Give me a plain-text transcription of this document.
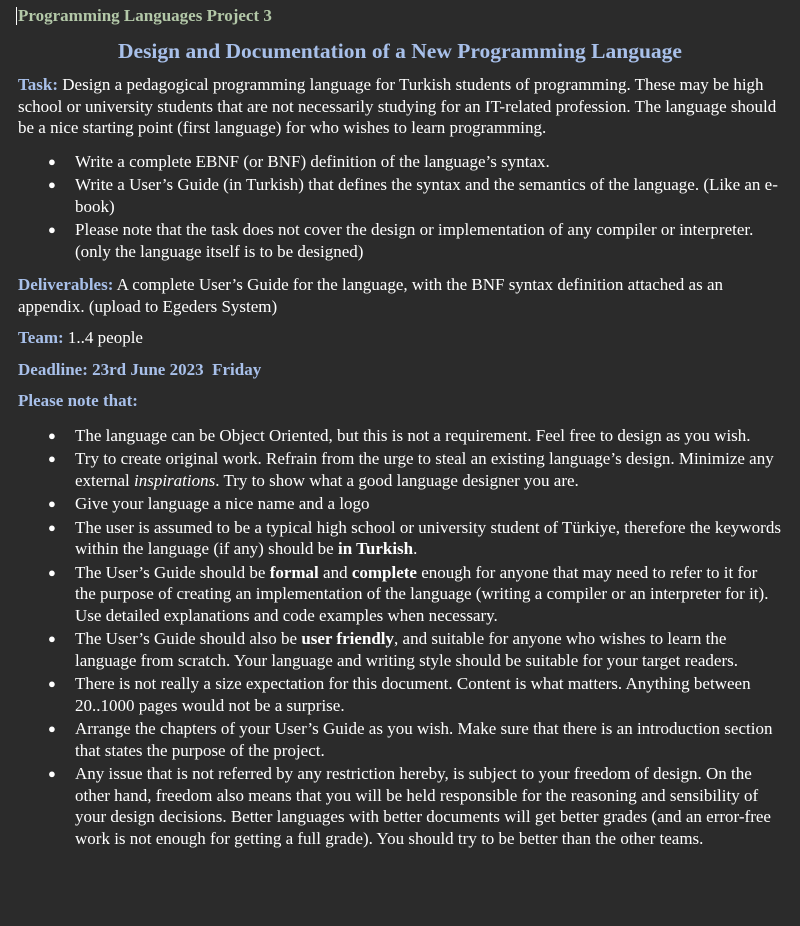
Programming Languages Project 3
Design and Documentation of a New Programming Language

Task: Design a pedagogical programming language for Turkish students of programming. These may be high school or university students that are not necessarily studying for an IT-related profession. The language should be a nice starting point (first language) for who wishes to learn programming.

● Write a complete EBNF (or BNF) definition of the language’s syntax.
● Write a User’s Guide (in Turkish) that defines the syntax and the semantics of the language. (Like an e-book)
● Please note that the task does not cover the design or implementation of any compiler or interpreter. (only the language itself is to be designed)

Deliverables: A complete User’s Guide for the language, with the BNF syntax definition attached as an appendix. (upload to Egeders System)

Team: 1..4 people

Deadline: 23rd June 2023  Friday

Please note that:

● The language can be Object Oriented, but this is not a requirement. Feel free to design as you wish.
● Try to create original work. Refrain from the urge to steal an existing language’s design. Minimize any external inspirations. Try to show what a good language designer you are.
● Give your language a nice name and a logo
● The user is assumed to be a typical high school or university student of Türkiye, therefore the keywords within the language (if any) should be in Turkish.
● The User’s Guide should be formal and complete enough for anyone that may need to refer to it for the purpose of creating an implementation of the language (writing a compiler or an interpreter for it). Use detailed explanations and code examples when necessary.
● The User’s Guide should also be user friendly, and suitable for anyone who wishes to learn the language from scratch. Your language and writing style should be suitable for your target readers.
● There is not really a size expectation for this document. Content is what matters. Anything between 20..1000 pages would not be a surprise.
● Arrange the chapters of your User’s Guide as you wish. Make sure that there is an introduction section that states the purpose of the project.
● Any issue that is not referred by any restriction hereby, is subject to your freedom of design. On the other hand, freedom also means that you will be held responsible for the reasoning and sensibility of your design decisions. Better languages with better documents will get better grades (and an error-free work is not enough for getting a full grade). You should try to be better than the other teams.
